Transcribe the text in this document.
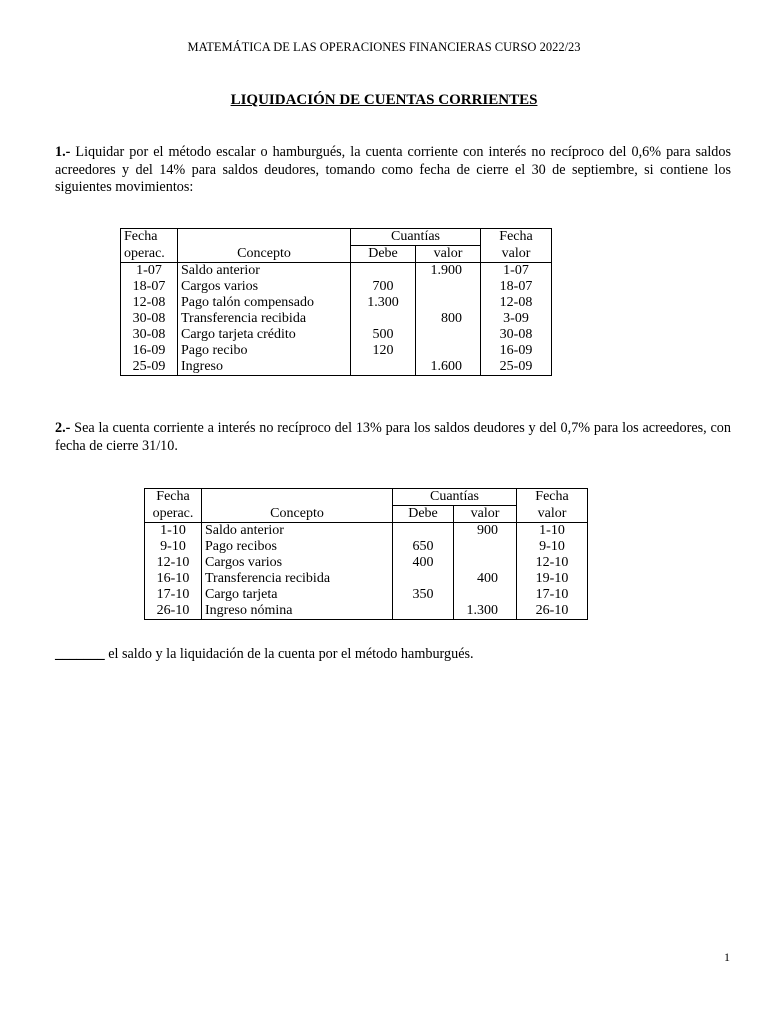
MATEMÁTICA DE LAS OPERACIONES FINANCIERAS CURSO 2022/23
LIQUIDACIÓN DE CUENTAS CORRIENTES
1.- Liquidar por el método escalar o hamburgués, la cuenta corriente con interés no recíproco del 0,6% para saldos acreedores y del 14% para saldos deudores, tomando como fecha de cierre el 30 de septiembre, si contiene los siguientes movimientos:
Fecha		Cuantías		Fecha
operac.	Concepto	Debe	valor	valor
1-07	Saldo anterior		1.900	1-07
18-07	Cargos varios	700		18-07
12-08	Pago talón compensado	1.300		12-08
30-08	Transferencia recibida		800	3-09
30-08	Cargo tarjeta crédito	500		30-08
16-09	Pago recibo	120		16-09
25-09	Ingreso		1.600	25-09
2.- Sea la cuenta corriente a interés no recíproco del 13% para los saldos deudores y del 0,7% para los acreedores, con fecha de cierre 31/10.
Fecha		Cuantías		Fecha
operac.	Concepto	Debe	valor	valor
1-10	Saldo anterior		900	1-10
9-10	Pago recibos	650		9-10
12-10	Cargos varios	400		12-10
16-10	Transferencia recibida		400	19-10
17-10	Cargo tarjeta	350		17-10
26-10	Ingreso nómina		1.300	26-10
_______ el saldo y la liquidación de la cuenta por el método hamburgués.
1
